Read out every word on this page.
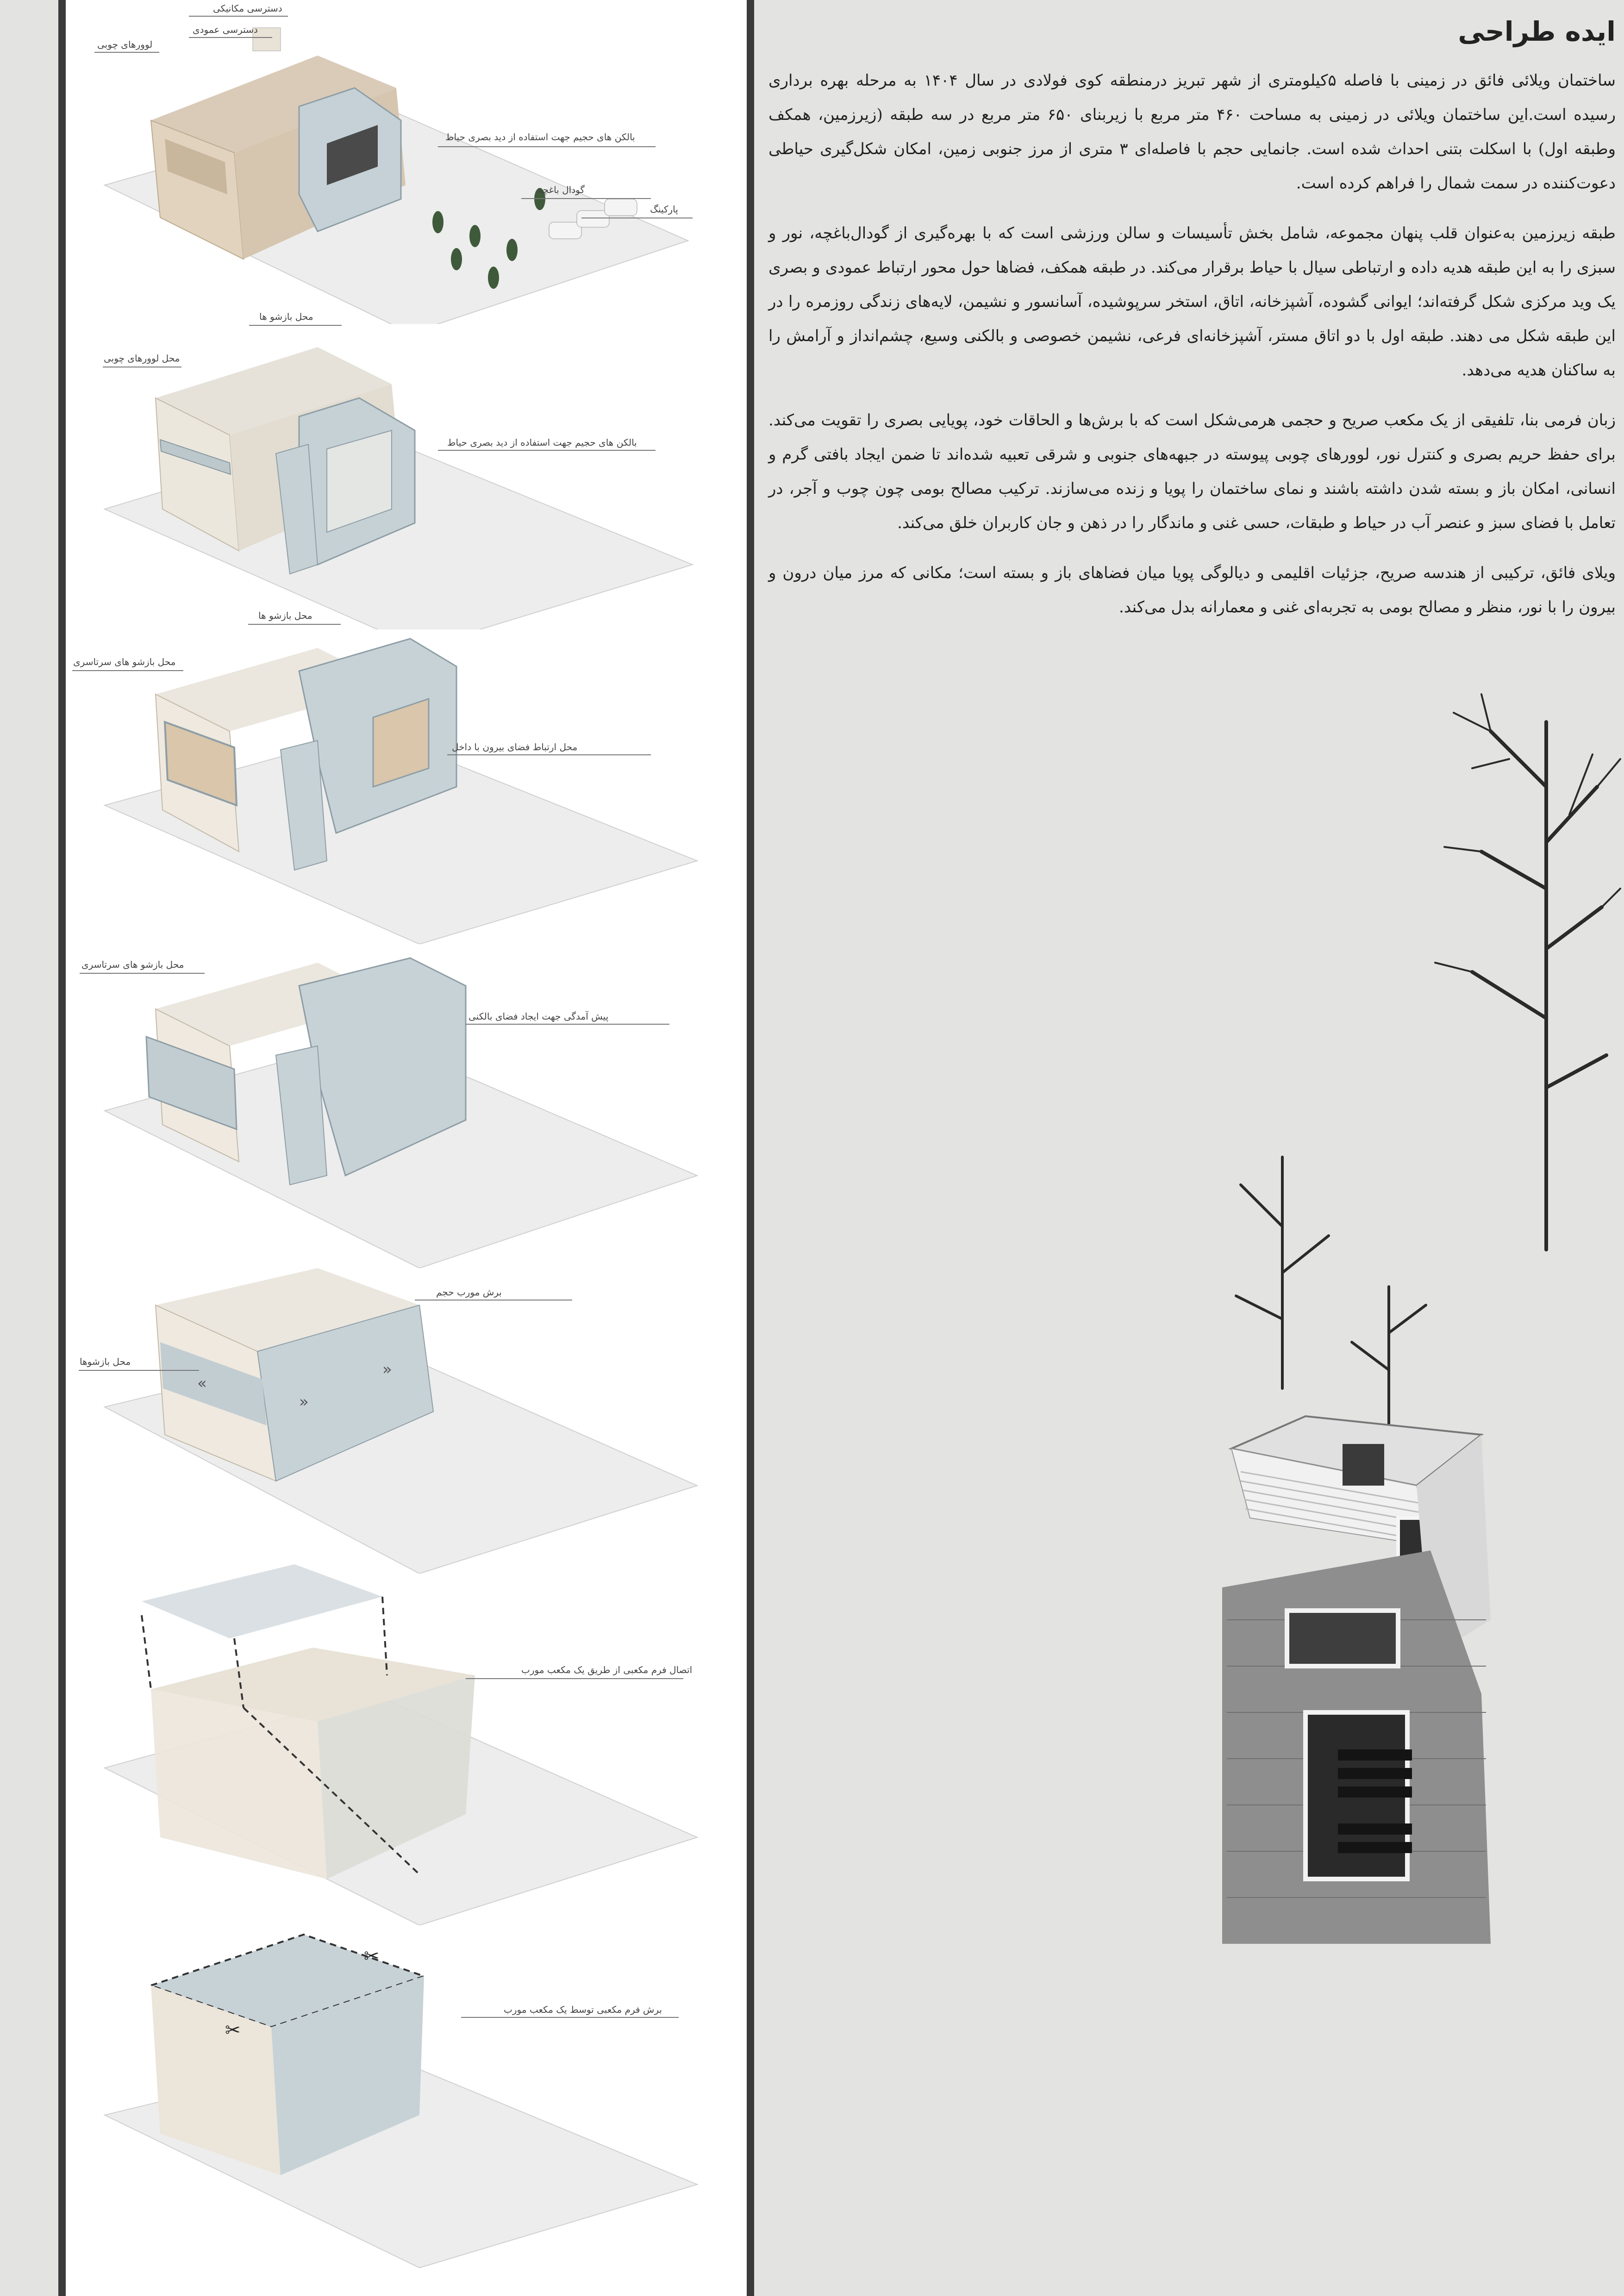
دسترسی مکانیکی
دسترسی عمودی
لوورهای چوبی
بالکن های حجیم جهت استفاده از دید بصری حیاط
گودال باغچه
پارکینگ
محل بازشو ها
محل لوورهای چوبی
بالکن های حجیم جهت استفاده از دید بصری حیاط
محل بازشو ها
محل بازشو های سرتاسری
محل ارتباط فضای بیرون با داخل
محل بازشو های سرتاسری
پیش آمدگی جهت ایجاد فضای بالکنی
«
»
»
برش مورب حجم
محل بازشوها
اتصال فرم مکعبی از طریق یک مکعب مورب
✂
✂
برش فرم مکعبی توسط یک مکعب مورب
ایده طراحی

ساختمان ویلائی فائق در زمینی با فاصله ۵کیلومتری از شهر تبریز درمنطقه کوی فولادی در سال ۱۴۰۴ به مرحله بهره برداری رسیده است.این ساختمان ویلائی در زمینی به مساحت ۴۶۰ متر مربع با زیربنای ۶۵۰ متر مربع در سه طبقه (زیرزمین، همکف وطبقه اول) با اسکلت بتنی احداث شده است. جانمایی حجم با فاصله‌ای ۳ متری از مرز جنوبی زمین، امکان شکل‌گیری حیاطی دعوت‌کننده در سمت شمال را فراهم کرده است.

طبقه زیرزمین به‌عنوان قلب پنهان مجموعه، شامل بخش تأسیسات و سالن ورزشی است که با بهره‌گیری از گودال‌باغچه، نور و سبزی را به این طبقه هدیه داده و ارتباطی سیال با حیاط برقرار می‌کند. در طبقه همکف، فضاها حول محور ارتباط عمودی و بصری یک وید مرکزی شکل گرفته‌اند؛ ایوانی گشوده، آشپزخانه، اتاق، استخر سرپوشیده، آسانسور و نشیمن، لایه‌های زندگی روزمره را در این طبقه شکل می دهند. طبقه اول با دو اتاق مستر، آشپزخانه‌ای فرعی، نشیمن خصوصی و بالکنی وسیع، چشم‌انداز و آرامش را به ساکنان هدیه می‌دهد.

زبان فرمی بنا، تلفیقی از یک مکعب صریح و حجمی هرمی‌شکل است که با برش‌ها و الحاقات خود، پویایی بصری را تقویت می‌کند. برای حفظ حریم بصری و کنترل نور، لوورهای چوبی پیوسته در جبهه‌های جنوبی و شرقی تعبیه شده‌اند تا ضمن ایجاد بافتی گرم و انسانی، امکان باز و بسته شدن داشته باشند و نمای ساختمان را پویا و زنده می‌سازند. ترکیب مصالح بومی چون چوب و آجر، در تعامل با فضای سبز و عنصر آب در حیاط و طبقات، حسی غنی و ماندگار را در ذهن و جان کاربران خلق می‌کند.

ویلای فائق، ترکیبی از هندسه صریح، جزئیات اقلیمی و دیالوگی پویا میان فضاهای باز و بسته است؛ مکانی که مرز میان درون و بیرون را با نور، منظر و مصالح بومی به تجربه‌ای غنی و معمارانه بدل می‌کند.
